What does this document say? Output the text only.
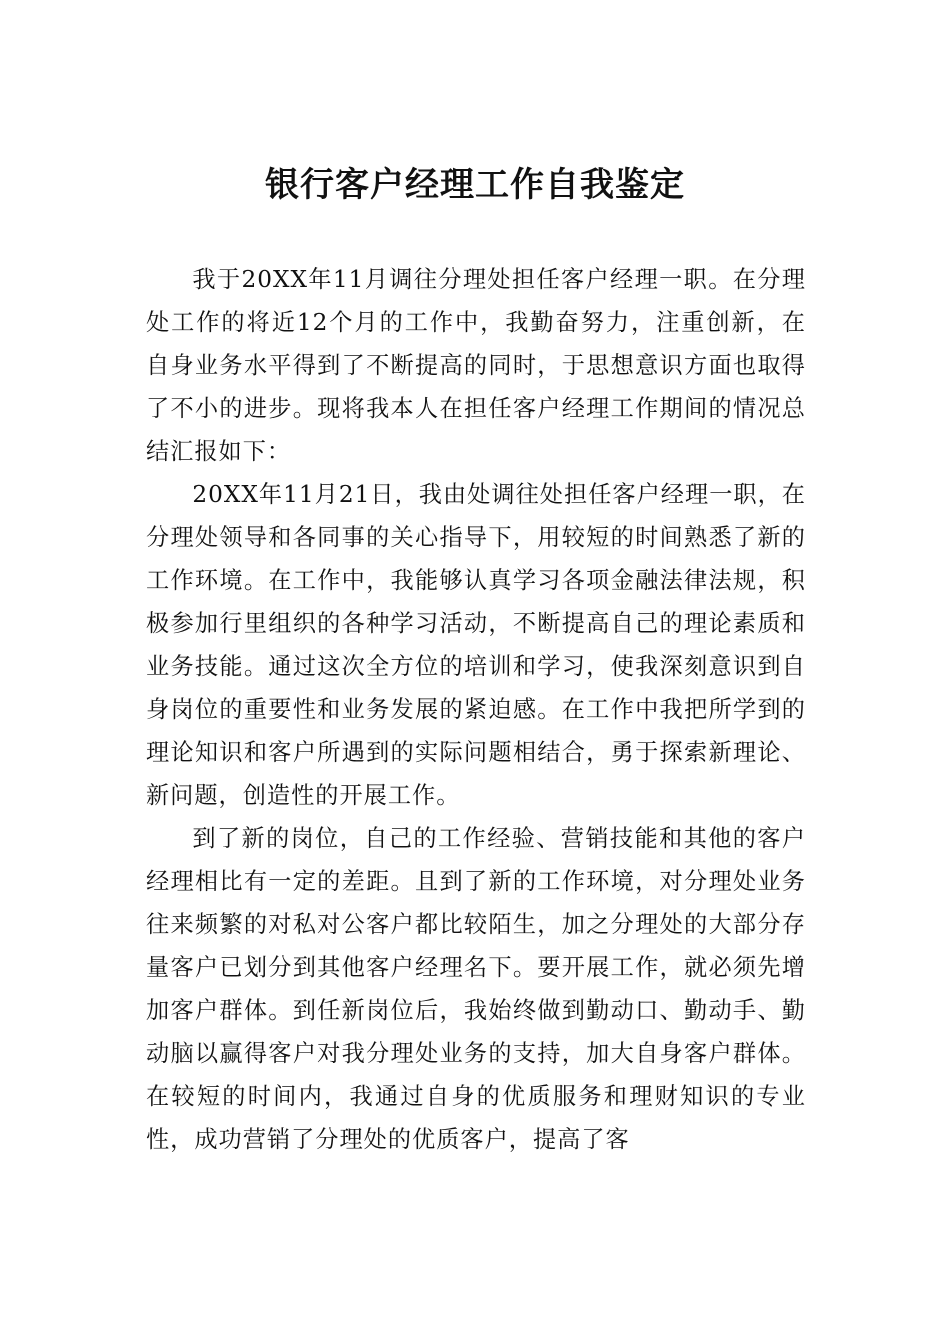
银行客户经理工作自我鉴定

我于20XX年11月调往分理处担任客户经理一职。在分理处工作的将近12个月的工作中，我勤奋努力，注重创新，在自身业务水平得到了不断提高的同时，于思想意识方面也取得了不小的进步。现将我本人在担任客户经理工作期间的情况总结汇报如下：

20XX年11月21日，我由处调往处担任客户经理一职，在分理处领导和各同事的关心指导下，用较短的时间熟悉了新的工作环境。在工作中，我能够认真学习各项金融法律法规，积极参加行里组织的各种学习活动，不断提高自己的理论素质和业务技能。通过这次全方位的培训和学习，使我深刻意识到自身岗位的重要性和业务发展的紧迫感。在工作中我把所学到的理论知识和客户所遇到的实际问题相结合，勇于探索新理论、新问题，创造性的开展工作。

到了新的岗位，自己的工作经验、营销技能和其他的客户经理相比有一定的差距。且到了新的工作环境，对分理处业务往来频繁的对私对公客户都比较陌生，加之分理处的大部分存量客户已划分到其他客户经理名下。要开展工作，就必须先增加客户群体。到任新岗位后，我始终做到勤动口、勤动手、勤动脑以赢得客户对我分理处业务的支持，加大自身客户群体。在较短的时间内，我通过自身的优质服务和理财知识的专业性，成功营销了分理处的优质客户，提高了客
